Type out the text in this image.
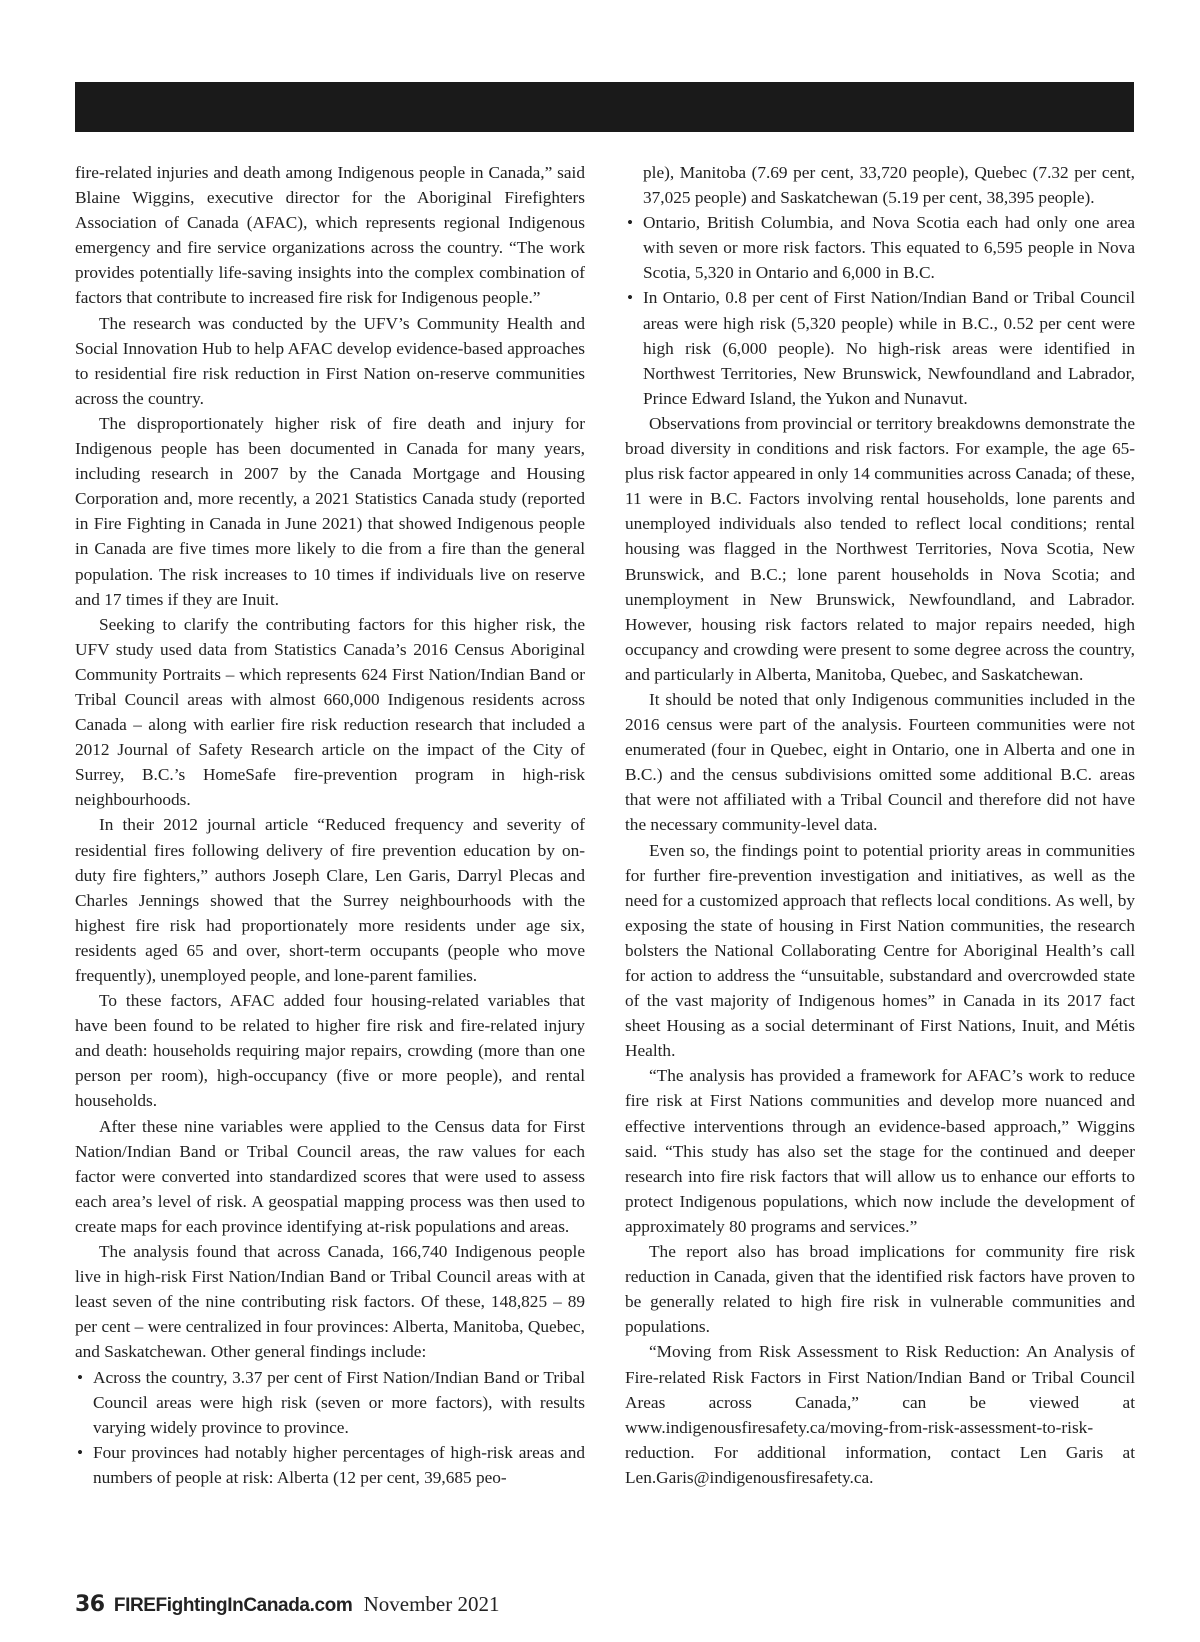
fire-related injuries and death among Indigenous people in Canada,” said Blaine Wiggins, executive director for the Aboriginal Firefighters Association of Canada (AFAC), which represents regional Indigenous emergency and fire service organizations across the country. “The work provides potentially life-saving insights into the complex combination of factors that contribute to increased fire risk for Indigenous people.”

The research was conducted by the UFV’s Community Health and Social Innovation Hub to help AFAC develop evidence-based approaches to residential fire risk reduction in First Nation on-reserve communities across the country.

The disproportionately higher risk of fire death and injury for Indigenous people has been documented in Canada for many years, including research in 2007 by the Canada Mortgage and Housing Corporation and, more recently, a 2021 Statistics Canada study (reported in Fire Fighting in Canada in June 2021) that showed Indigenous people in Canada are five times more likely to die from a fire than the general population. The risk increases to 10 times if individuals live on reserve and 17 times if they are Inuit.

Seeking to clarify the contributing factors for this higher risk, the UFV study used data from Statistics Canada’s 2016 Census Aboriginal Community Portraits – which represents 624 First Nation/Indian Band or Tribal Council areas with almost 660,000 Indigenous residents across Canada – along with earlier fire risk reduction research that included a 2012 Journal of Safety Research article on the impact of the City of Surrey, B.C.’s HomeSafe fire-prevention program in high-risk neighbourhoods.

In their 2012 journal article “Reduced frequency and severity of residential fires following delivery of fire prevention education by on-duty fire fighters,” authors Joseph Clare, Len Garis, Darryl Plecas and Charles Jennings showed that the Surrey neighbourhoods with the highest fire risk had proportionately more residents under age six, residents aged 65 and over, short-term occupants (people who move frequently), unemployed people, and lone-parent families.

To these factors, AFAC added four housing-related variables that have been found to be related to higher fire risk and fire-related injury and death: households requiring major repairs, crowding (more than one person per room), high-occupancy (five or more people), and rental households.

After these nine variables were applied to the Census data for First Nation/Indian Band or Tribal Council areas, the raw values for each factor were converted into standardized scores that were used to assess each area’s level of risk. A geospatial mapping process was then used to create maps for each province identifying at-risk populations and areas.

The analysis found that across Canada, 166,740 Indigenous people live in high-risk First Nation/Indian Band or Tribal Council areas with at least seven of the nine contributing risk factors. Of these, 148,825 – 89 per cent – were centralized in four provinces: Alberta, Manitoba, Quebec, and Saskatchewan. Other general findings include:

• Across the country, 3.37 per cent of First Nation/Indian Band or Tribal Council areas were high risk (seven or more factors), with results varying widely province to province.
• Four provinces had notably higher percentages of high-risk areas and numbers of people at risk: Alberta (12 per cent, 39,685 peo-
ple), Manitoba (7.69 per cent, 33,720 people), Quebec (7.32 per cent, 37,025 people) and Saskatchewan (5.19 per cent, 38,395 people).
• Ontario, British Columbia, and Nova Scotia each had only one area with seven or more risk factors. This equated to 6,595 people in Nova Scotia, 5,320 in Ontario and 6,000 in B.C.
• In Ontario, 0.8 per cent of First Nation/Indian Band or Tribal Council areas were high risk (5,320 people) while in B.C., 0.52 per cent were high risk (6,000 people). No high-risk areas were identified in Northwest Territories, New Brunswick, Newfoundland and Labrador, Prince Edward Island, the Yukon and Nunavut.

Observations from provincial or territory breakdowns demonstrate the broad diversity in conditions and risk factors. For example, the age 65-plus risk factor appeared in only 14 communities across Canada; of these, 11 were in B.C. Factors involving rental households, lone parents and unemployed individuals also tended to reflect local conditions; rental housing was flagged in the Northwest Territories, Nova Scotia, New Brunswick, and B.C.; lone parent households in Nova Scotia; and unemployment in New Brunswick, Newfoundland, and Labrador. However, housing risk factors related to major repairs needed, high occupancy and crowding were present to some degree across the country, and particularly in Alberta, Manitoba, Quebec, and Saskatchewan.

It should be noted that only Indigenous communities included in the 2016 census were part of the analysis. Fourteen communities were not enumerated (four in Quebec, eight in Ontario, one in Alberta and one in B.C.) and the census subdivisions omitted some additional B.C. areas that were not affiliated with a Tribal Council and therefore did not have the necessary community-level data.

Even so, the findings point to potential priority areas in communities for further fire-prevention investigation and initiatives, as well as the need for a customized approach that reflects local conditions. As well, by exposing the state of housing in First Nation communities, the research bolsters the National Collaborating Centre for Aboriginal Health’s call for action to address the “unsuitable, substandard and overcrowded state of the vast majority of Indigenous homes” in Canada in its 2017 fact sheet Housing as a social determinant of First Nations, Inuit, and Métis Health.

“The analysis has provided a framework for AFAC’s work to reduce fire risk at First Nations communities and develop more nuanced and effective interventions through an evidence-based approach,” Wiggins said. “This study has also set the stage for the continued and deeper research into fire risk factors that will allow us to enhance our efforts to protect Indigenous populations, which now include the development of approximately 80 programs and services.”

The report also has broad implications for community fire risk reduction in Canada, given that the identified risk factors have proven to be generally related to high fire risk in vulnerable communities and populations.

“Moving from Risk Assessment to Risk Reduction: An Analysis of Fire-related Risk Factors in First Nation/Indian Band or Tribal Council Areas across Canada,” can be viewed at www.indigenousfiresafety.ca/moving-from-risk-assessment-to-risk-reduction. For additional information, contact Len Garis at Len.Garis@indigenousfiresafety.ca.

36 FIREFightingInCanada.com November 2021
